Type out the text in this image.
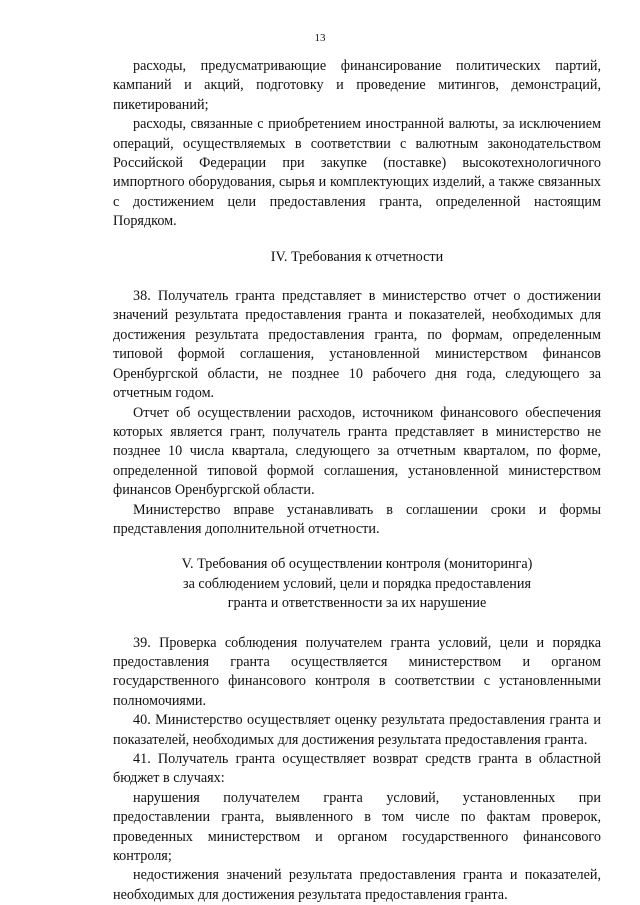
13

расходы, предусматривающие финансирование политических партий, кампаний и акций, подготовку и проведение митингов, демонстраций, пикетирований;

расходы, связанные с приобретением иностранной валюты, за исключением операций, осуществляемых в соответствии с валютным законодательством Российской Федерации при закупке (поставке) высокотехнологичного импортного оборудования, сырья и комплектующих изделий, а также связанных с достижением цели предоставления гранта, определенной настоящим Порядком.

IV. Требования к отчетности

38. Получатель гранта представляет в министерство отчет о достижении значений результата предоставления гранта и показателей, необходимых для достижения результата предоставления гранта, по формам, определенным типовой формой соглашения, установленной министерством финансов Оренбургской области, не позднее 10 рабочего дня года, следующего за отчетным годом.

Отчет об осуществлении расходов, источником финансового обеспечения которых является грант, получатель гранта представляет в министерство не позднее 10 числа квартала, следующего за отчетным кварталом, по форме, определенной типовой формой соглашения, установленной министерством финансов Оренбургской области.

Министерство вправе устанавливать в соглашении сроки и формы представления дополнительной отчетности.

V. Требования об осуществлении контроля (мониторинга)
за соблюдением условий, цели и порядка предоставления
гранта и ответственности за их нарушение

39. Проверка соблюдения получателем гранта условий, цели и порядка предоставления гранта осуществляется министерством и органом государственного финансового контроля в соответствии с установленными полномочиями.

40. Министерство осуществляет оценку результата предоставления гранта и показателей, необходимых для достижения результата предоставления гранта.

41. Получатель гранта осуществляет возврат средств гранта в областной бюджет в случаях:

нарушения получателем гранта условий, установленных при предоставлении гранта, выявленного в том числе по фактам проверок, проведенных министерством и органом государственного финансового контроля;

недостижения значений результата предоставления гранта и показателей, необходимых для достижения результата предоставления гранта.
